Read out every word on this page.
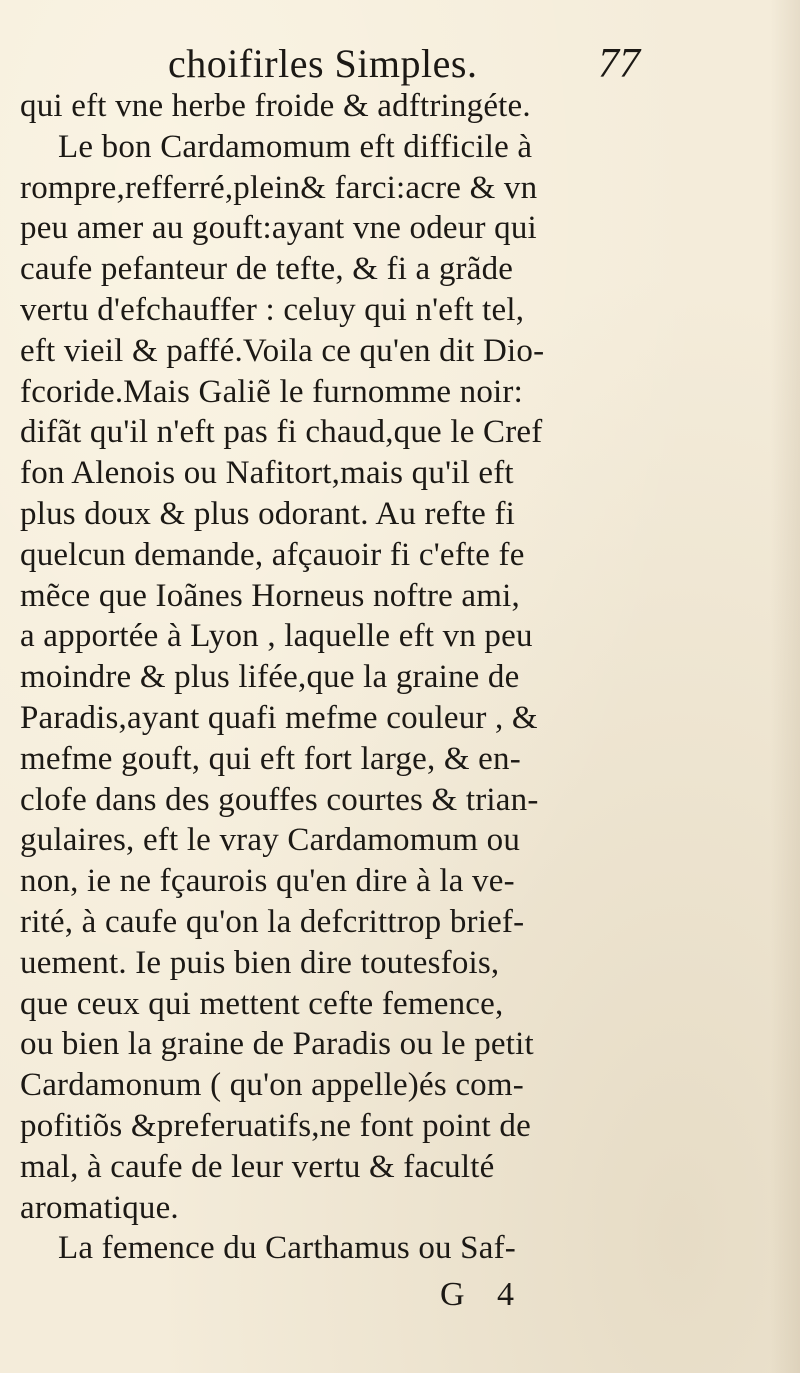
choifirles Simples.	77
qui eft vne herbe froide & adftringéte.
Le bon Cardamomum eft difficile à
rompre,refferré,plein& farci:acre & vn
peu amer au gouft:ayant vne odeur qui
caufe pefanteur de tefte, & fi a grãde
vertu d'efchauffer : celuy qui n'eft tel,
eft vieil & paffé.Voila ce qu'en dit Dio-
fcoride.Mais Galiẽ le furnomme noir:
difãt qu'il n'eft pas fi chaud,que le Cref
fon Alenois ou Nafitort,mais qu'il eft
plus doux & plus odorant. Au refte fi
quelcun demande, afçauoir fi c'efte fe
mẽce que Ioãnes Horneus noftre ami,
a apportée à Lyon , laquelle eft vn peu
moindre & plus lifée,que la graine de
Paradis,ayant quafi mefme couleur , &
mefme gouft, qui eft fort large, & en-
clofe dans des gouffes courtes & trian-
gulaires, eft le vray Cardamomum ou
non, ie ne fçaurois qu'en dire à la ve-
rité, à caufe qu'on la defcrittrop brief-
uement. Ie puis bien dire toutesfois,
que ceux qui mettent cefte femence,
ou bien la graine de Paradis ou le petit
Cardamonum ( qu'on appelle)és com-
pofitiõs &preferuatifs,ne font point de
mal, à caufe de leur vertu & faculté
aromatique.
La femence du Carthamus ou Saf-
G 4
